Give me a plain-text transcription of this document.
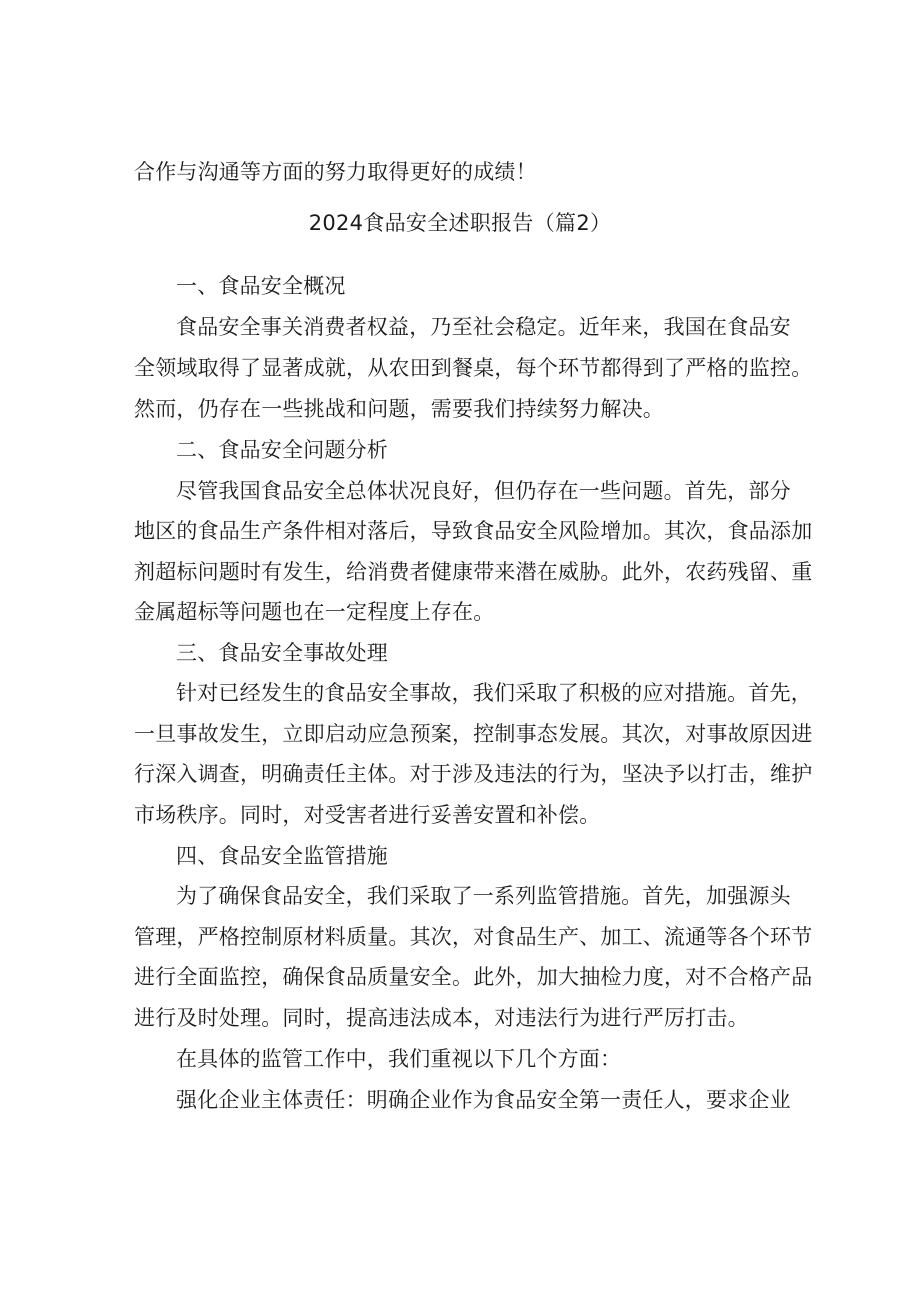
合作与沟通等方面的努力取得更好的成绩！
2024食品安全述职报告（篇2）
一、食品安全概况
食品安全事关消费者权益，乃至社会稳定。近年来，我国在食品安
全领域取得了显著成就，从农田到餐桌，每个环节都得到了严格的监控。
然而，仍存在一些挑战和问题，需要我们持续努力解决。
二、食品安全问题分析
尽管我国食品安全总体状况良好，但仍存在一些问题。首先，部分
地区的食品生产条件相对落后，导致食品安全风险增加。其次，食品添加
剂超标问题时有发生，给消费者健康带来潜在威胁。此外，农药残留、重
金属超标等问题也在一定程度上存在。
三、食品安全事故处理
针对已经发生的食品安全事故，我们采取了积极的应对措施。首先，
一旦事故发生，立即启动应急预案，控制事态发展。其次，对事故原因进
行深入调查，明确责任主体。对于涉及违法的行为，坚决予以打击，维护
市场秩序。同时，对受害者进行妥善安置和补偿。
四、食品安全监管措施
为了确保食品安全，我们采取了一系列监管措施。首先，加强源头
管理，严格控制原材料质量。其次，对食品生产、加工、流通等各个环节
进行全面监控，确保食品质量安全。此外，加大抽检力度，对不合格产品
进行及时处理。同时，提高违法成本，对违法行为进行严厉打击。
在具体的监管工作中，我们重视以下几个方面：
强化企业主体责任：明确企业作为食品安全第一责任人，要求企业
